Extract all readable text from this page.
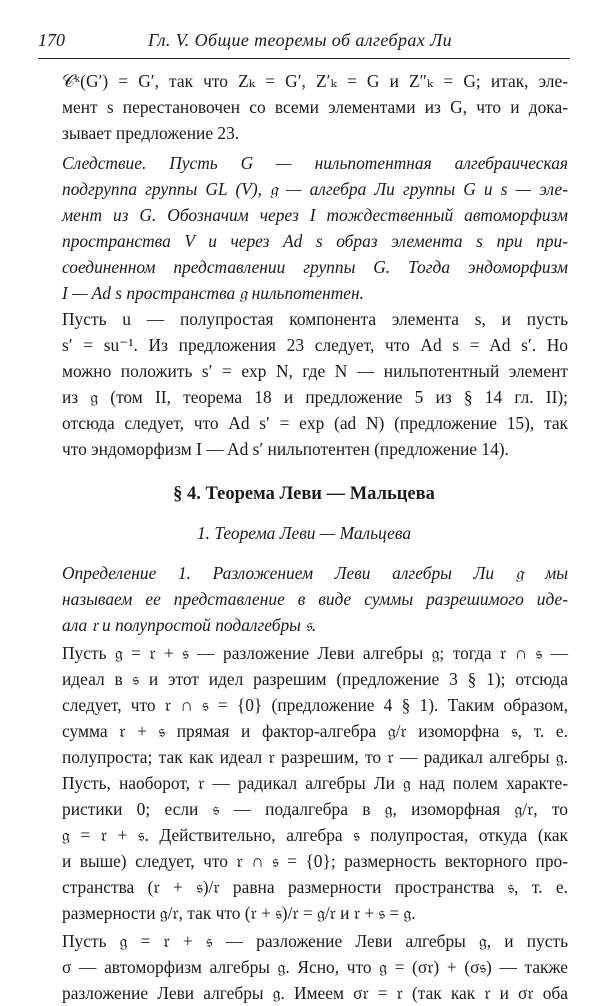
170	Гл. V. Общие теоремы об алгебрах Ли
𝒞ᵏ(G′) = G′, так что Zₖ = G′, Z′ₖ = G и Z″ₖ = G; итак, эле-
мент s перестановочен со всеми элементами из G, что и дока-
зывает предложение 23.
Следствие. Пусть G — нильпотентная алгебраическая
подгруппа группы GL (V), 𝔤 — алгебра Ли группы G и s — эле-
мент из G. Обозначим через I тождественный автоморфизм
пространства V и через Ad s образ элемента s при при-
соединенном представлении группы G. Тогда эндоморфизм
I — Ad s пространства 𝔤 нильпотентен.
Пусть u — полупростая компонента элемента s, и пусть
s′ = su⁻¹. Из предложения 23 следует, что Ad s = Ad s′. Но
можно положить s′ = exp N, где N — нильпотентный элемент
из 𝔤 (том II, теорема 18 и предложение 5 из § 14 гл. II);
отсюда следует, что Ad s′ = exp (ad N) (предложение 15), так
что эндоморфизм I — Ad s′ нильпотентен (предложение 14).
§ 4. Теорема Леви — Мальцева
1. Теорема Леви — Мальцева
Определение 1. Разложением Леви алгебры Ли 𝔤 мы
называем ее представление в виде суммы разрешимого иде-
ала 𝔯 и полупростой подалгебры 𝔰.
Пусть 𝔤 = 𝔯 + 𝔰 — разложение Леви алгебры 𝔤; тогда 𝔯 ∩ 𝔰 —
идеал в 𝔰 и этот идел разрешим (предложение 3 § 1); отсюда
следует, что 𝔯 ∩ 𝔰 = {0} (предложение 4 § 1). Таким образом,
сумма 𝔯 + 𝔰 прямая и фактор-алгебра 𝔤/𝔯 изоморфна 𝔰, т. е.
полупроста; так как идеал 𝔯 разрешим, то 𝔯 — радикал алгебры 𝔤.
Пусть, наоборот, 𝔯 — радикал алгебры Ли 𝔤 над полем характе-
ристики 0; если 𝔰 — подалгебра в 𝔤, изоморфная 𝔤/𝔯, то
𝔤 = 𝔯 + 𝔰. Действительно, алгебра 𝔰 полупростая, откуда (как
и выше) следует, что 𝔯 ∩ 𝔰 = {0}; размерность векторного про-
странства (𝔯 + 𝔰)/𝔯 равна размерности пространства 𝔰, т. е.
размерности 𝔤/𝔯, так что (𝔯 + 𝔰)/𝔯 = 𝔤/𝔯 и 𝔯 + 𝔰 = 𝔤.
Пусть 𝔤 = 𝔯 + 𝔰 — разложение Леви алгебры 𝔤, и пусть
σ — автоморфизм алгебры 𝔤. Ясно, что 𝔤 = (σ𝔯) + (σ𝔰) — также
разложение Леви алгебры 𝔤. Имеем σ𝔯 = 𝔯 (так как 𝔯 и σ𝔯 оба
